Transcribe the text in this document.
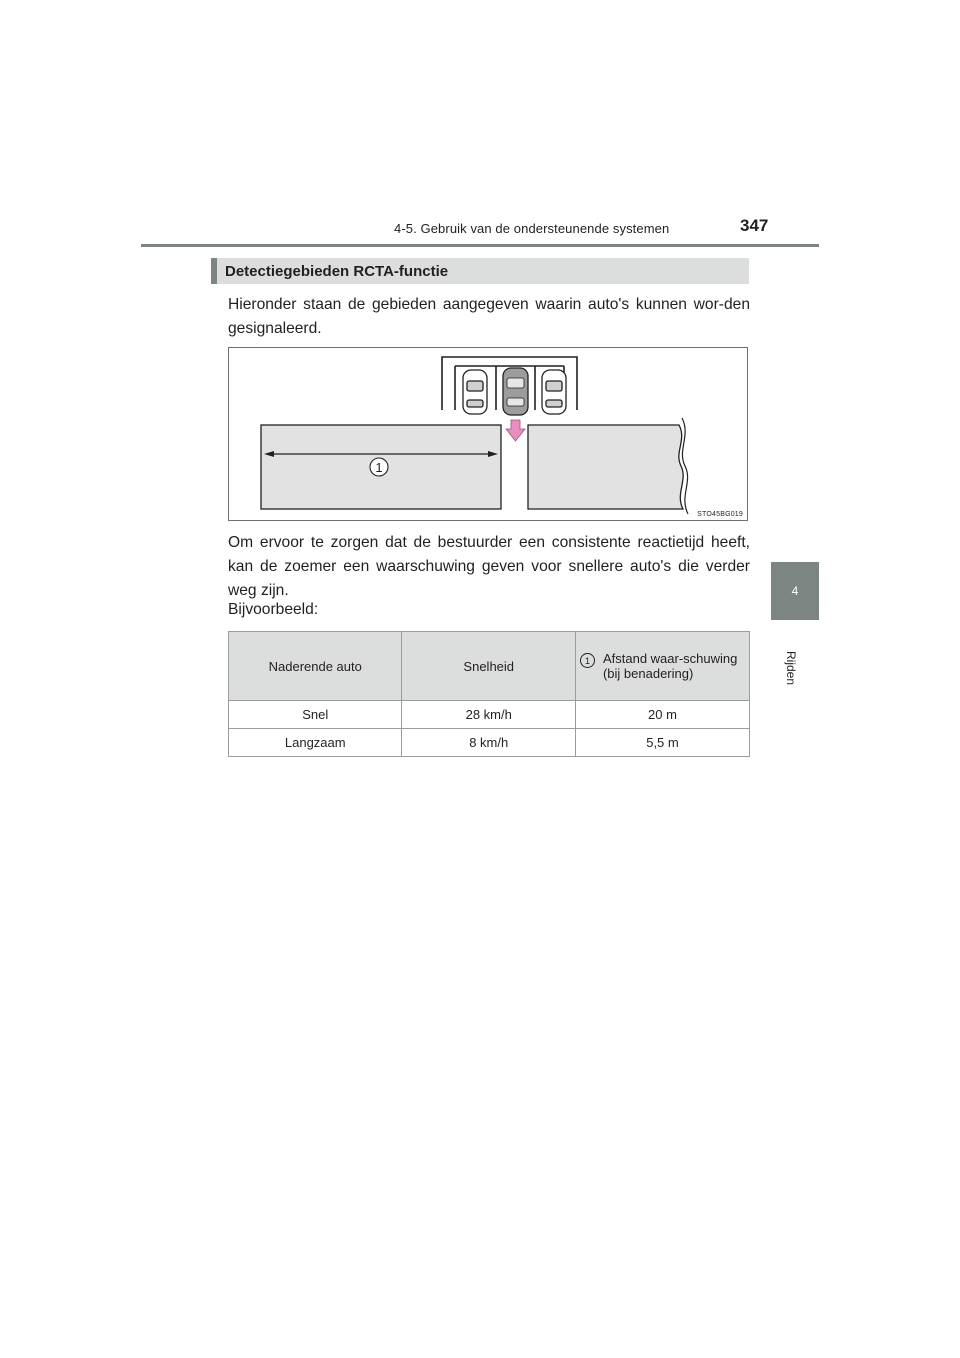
4-5. Gebruik van de ondersteunende systemen	347
4
Rijden
Detectiegebieden RCTA-functie
Hieronder staan de gebieden aangegeven waarin auto's kunnen wor-den gesignaleerd.
1
STO45BG019
Om ervoor te zorgen dat de bestuurder een consistente reactietijd heeft, kan de zoemer een waarschuwing geven voor snellere auto's die verder weg zijn.
Bijvoorbeeld:
Naderende auto	Snelheid	1 Afstand waar-schuwing (bij benadering)

Snel	28 km/h	20 m
Langzaam	8 km/h	5,5 m
